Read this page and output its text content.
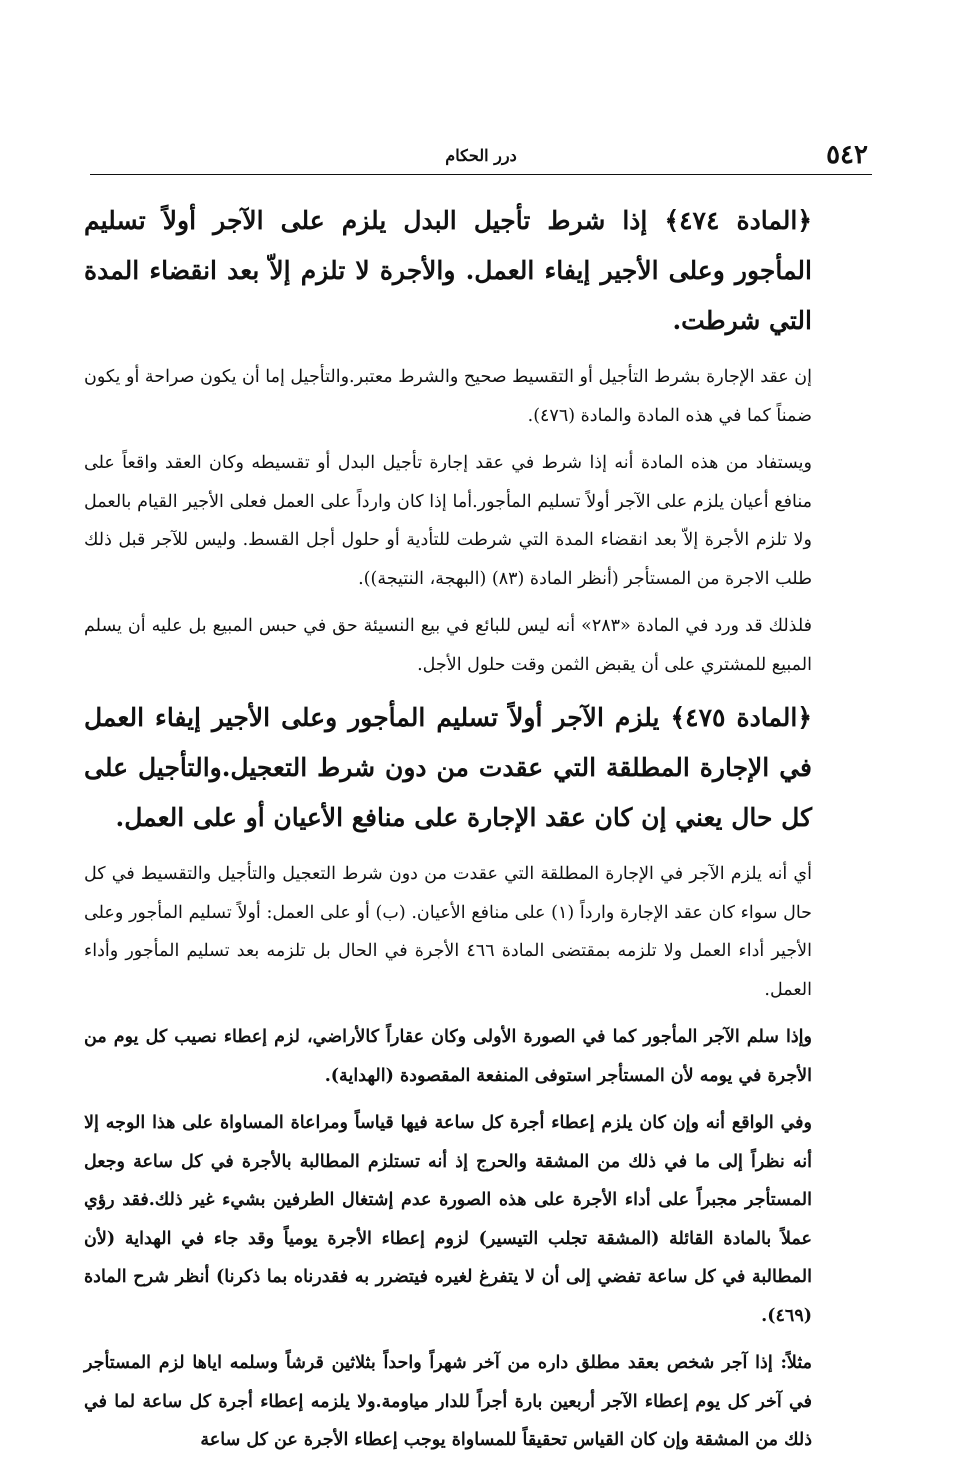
٥٤٢
درر الحكام

﴿المادة ٤٧٤﴾ إذا شرط تأجيل البدل يلزم على الآجر أولاً تسليم المأجور وعلى الأجير إيفاء العمل. والأجرة لا تلزم إلاّ بعد انقضاء المدة التي شرطت.

إن عقد الإجارة بشرط التأجيل أو التقسيط صحيح والشرط معتبر.والتأجيل إما أن يكون صراحة أو يكون ضمناً كما في هذه المادة والمادة (٤٧٦).

ويستفاد من هذه المادة أنه إذا شرط في عقد إجارة تأجيل البدل أو تقسيطه وكان العقد واقعاً على منافع أعيان يلزم على الآجر أولاً تسليم المأجور.أما إذا كان وارداً على العمل فعلى الأجير القيام بالعمل ولا تلزم الأجرة إلاّ بعد انقضاء المدة التي شرطت للتأدية أو حلول أجل القسط. وليس للآجر قبل ذلك طلب الاجرة من المستأجر (أنظر المادة (٨٣) (البهجة، النتيجة)).

فلذلك قد ورد في المادة «٢٨٣» أنه ليس للبائع في بيع النسيئة حق في حبس المبيع بل عليه أن يسلم المبيع للمشتري على أن يقبض الثمن وقت حلول الأجل.

﴿المادة ٤٧٥﴾ يلزم الآجر أولاً تسليم المأجور وعلى الأجير إيفاء العمل في الإجارة المطلقة التي عقدت من دون شرط التعجيل.والتأجيل على كل حال يعني إن كان عقد الإجارة على منافع الأعيان أو على العمل.

أي أنه يلزم الآجر في الإجارة المطلقة التي عقدت من دون شرط التعجيل والتأجيل والتقسيط في كل حال سواء كان عقد الإجارة وارداً (١) على منافع الأعيان. (ب) أو على العمل: أولاً تسليم المأجور وعلى الأجير أداء العمل ولا تلزمه بمقتضى المادة ٤٦٦ الأجرة في الحال بل تلزمه بعد تسليم المأجور وأداء العمل.

وإذا سلم الآجر المأجور كما في الصورة الأولى وكان عقاراً كالأراضي، لزم إعطاء نصيب كل يوم من الأجرة في يومه لأن المستأجر استوفى المنفعة المقصودة (الهداية).

وفي الواقع أنه وإن كان يلزم إعطاء أجرة كل ساعة فيها قياساً ومراعاة المساواة على هذا الوجه إلا أنه نظراً إلى ما في ذلك من المشقة والحرج إذ أنه تستلزم المطالبة بالأجرة في كل ساعة وجعل المستأجر مجبراً على أداء الأجرة على هذه الصورة عدم إشتغال الطرفين بشيء غير ذلك.فقد رؤي عملاً بالمادة القائلة (المشقة تجلب التيسير) لزوم إعطاء الأجرة يومياً وقد جاء في الهداية (لأن المطالبة في كل ساعة تفضي إلى أن لا يتفرغ لغيره فيتضرر به فقدرناه بما ذكرنا) أنظر شرح المادة (٤٦٩).

مثلاً: إذا آجر شخص بعقد مطلق داره من آخر شهراً واحداً بثلاثين قرشاً وسلمه اياها لزم المستأجر في آخر كل يوم إعطاء الآجر أربعين بارة أجراً للدار مياومة.ولا يلزمه إعطاء أجرة كل ساعة لما في ذلك من المشقة وإن كان القياس تحقيقاً للمساواة يوجب إعطاء الأجرة عن كل ساعة
